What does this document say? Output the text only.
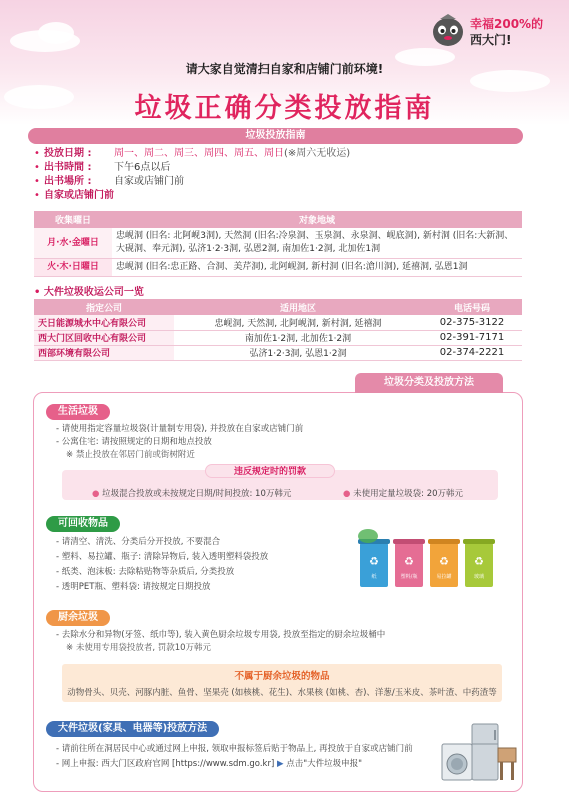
幸福200%的
西大门!
请大家自觉清扫自家和店铺门前环境!
垃圾正确分类投放指南
垃圾投放指南
• 投放日期 :	周一、周二、周三、周四、周五、周日 (※周六无收运)
• 出书時間 :	下午6点以后
• 出书場所 :	自家或店铺门前
• 自家或店铺门前
收集曜日	对象地域
月·水·金曜日	忠岘洞 (旧名: 北阿岘3洞), 天然洞 (旧名:冷泉洞、玉泉洞、永泉洞、岘底洞), 新村洞 (旧名:大新洞、大砚洞、奉元洞), 弘济1·2·3洞, 弘恩2洞, 南加佐1·2洞, 北加佐1洞
火·木·日曜日	忠岘洞 (旧名:忠正路、合洞、美芹洞), 北阿岘洞, 新村洞 (旧名:滄川洞), 延禧洞, 弘恩1洞
• 大件垃圾收运公司一览
指定公司	适用地区	电话号码
天日能源城水中心有限公司	忠岘洞, 天然洞, 北阿岘洞, 新村洞, 延禧洞	02-375-3122
西大门区回收中心有限公司	南加佐1·2洞, 北加佐1·2洞	02-391-7171
西部环境有限公司	弘济1·2·3洞, 弘恩1·2洞	02-374-2221
垃圾分类及投放方法
生活垃圾
- 请使用指定容量垃圾袋(计量制专用袋), 并投放在自家或店铺门前
- 公寓住宅: 请按照规定的日期和地点投放
※ 禁止投放在邻居门前或街树附近
违反规定时的罚款
● 垃圾混合投放或未按规定日期/时间投放: 10万韩元	● 未使用定量垃圾袋: 20万韩元
可回收物品
- 请清空、清洗、分类后分开投放, 不要混合
- 塑料、易拉罐、瓶子: 清除异物后, 装入透明塑料袋投放
- 纸类、泡沫板: 去除粘贴物等杂质后, 分类投放
- 透明PET瓶、塑料袋: 请按规定日期投放
♻
纸
♻
塑料/瓶
♻
易拉罐
♻
玻璃
厨余垃圾
- 去除水分和异物(牙签、纸巾等), 装入黄色厨余垃圾专用袋, 投放至指定的厨余垃圾桶中
※ 未使用专用袋投放者, 罚款10万韩元
不属于厨余垃圾的物品
动物骨头、贝壳、河豚内脏、鱼骨、坚果壳 (如核桃、花生)、水果核 (如桃、杏)、洋葱/玉米皮、茶叶渣、中药渣等
大件垃圾(家具、电器等)投放方法
- 请前往所在洞居民中心或通过网上申报, 领取申报标签后贴于物品上, 再投放于自家或店铺门前
- 网上申报: 西大门区政府官网 [https://www.sdm.go.kr] ▶ 点击"大件垃圾申报"
